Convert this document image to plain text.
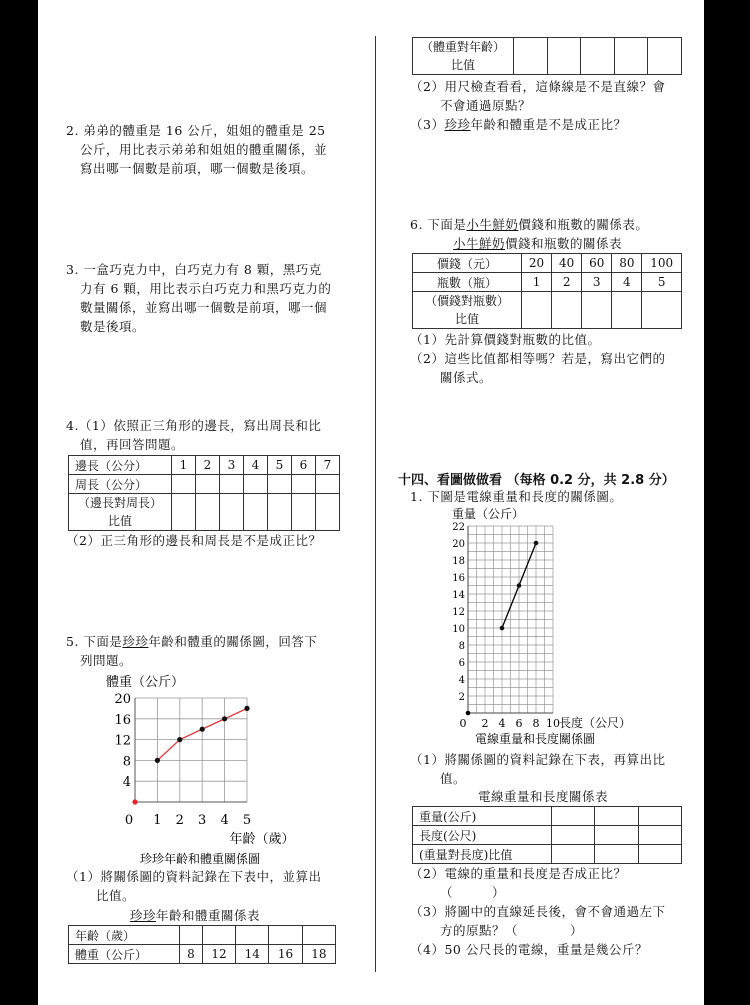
2. 弟弟的體重是 16 公斤，姐姐的體重是 25

公斤，用比表示弟弟和姐姐的體重關係，並

寫出哪一個數是前項，哪一個數是後項。

3. 一盒巧克力中，白巧克力有 8 顆，黑巧克

力有 6 顆，用比表示白巧克力和黑巧克力的

數量關係，並寫出哪一個數是前項，哪一個

數是後項。

4.（1）依照正三角形的邊長，寫出周長和比

值，再回答問題。

邊長（公分）	1	2	3	4	5	6	7
周長（公分）							

（邊長對周長）
比值							

（2）正三角形的邊長和周長是不是成正比？

5. 下面是珍珍年齡和體重的關係圖，回答下

列問題。

體重（公斤）
4
8
12
16
20
0 1 2 3 4 5
年齡（歲）
珍珍年齡和體重關係圖

（1）將關係圖的資料記錄在下表中，並算出

比值。

珍珍年齡和體重關係表
年齡（歲）					
體重（公斤）	8	12	14	16	18
（體重對年齡）
比值

（2）用尺檢查看看，這條線是不是直線？會

不會通過原點？

（3）珍珍年齡和體重是不是成正比？

6. 下面是小牛鮮奶價錢和瓶數的關係表。

小牛鮮奶價錢和瓶數的關係表

價錢（元）	20	40	60	80	100
瓶數（瓶）	1	2	3	4	5

（價錢對瓶數）
比值					

（1）先計算價錢對瓶數的比值。

（2）這些比值都相等嗎？若是，寫出它們的

關係式。

十四、看圖做做看 （每格 0.2 分，共 2.8 分）
1. 下圖是電線重量和長度的關係圖。
重量（公斤）
2
4
6
8
10
12
14
16
18
20
22
0 2 4 6 8 10 長度（公尺）
電線重量和長度關係圖

（1）將關係圖的資料記錄在下表，再算出比

值。

電線重量和長度關係表
重量(公斤)			
長度(公尺)			
(重量對長度)比值			

（2）電線的重量和長度是否成正比？

（　　　）

（3）將圖中的直線延長後，會不會通過左下

方的原點？（　　　　）

（4）50 公尺長的電線，重量是幾公斤？
